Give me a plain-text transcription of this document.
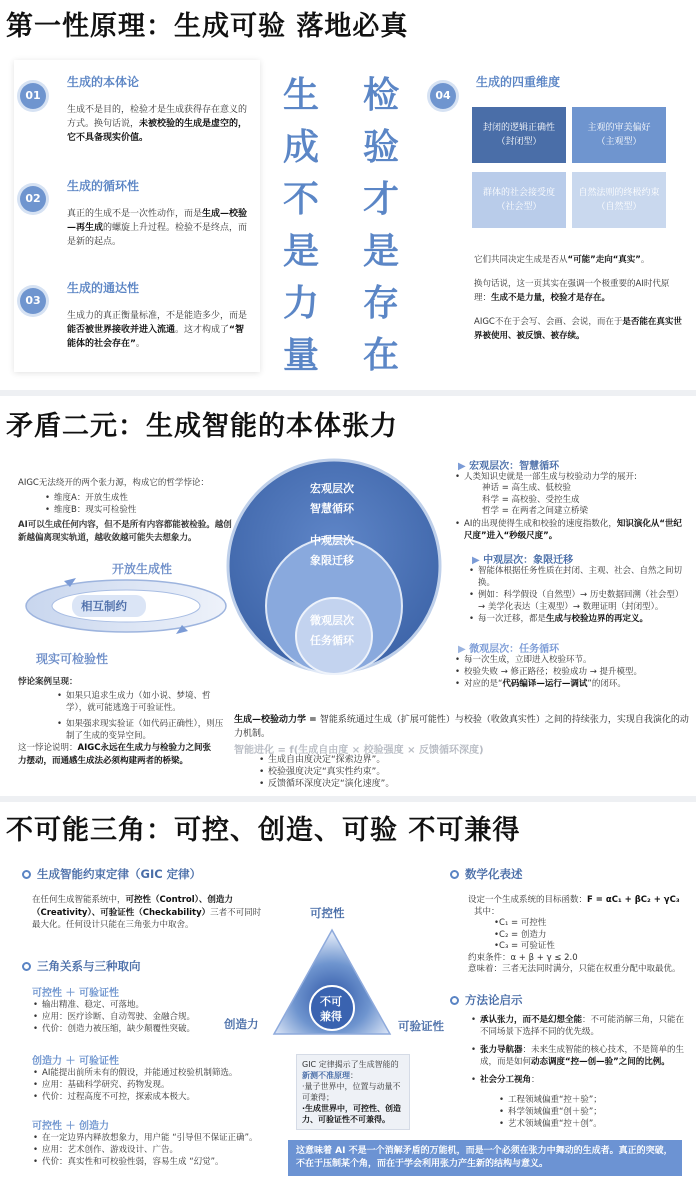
第一性原理：生成可验 落地必真
01
生成的本体论
生成不是目的，检验才是生成获得存在意义的方式。换句话说，未被校验的生成是虚空的，它不具备现实价值。
02
生成的循环性
真正的生成不是一次性动作，而是生成—校验—再生成的螺旋上升过程。检验不是终点，而是新的起点。
03
生成的通达性
生成力的真正衡量标准，不是能造多少，而是能否被世界接收并进入流通。这才构成了“智能体的社会存在”。
生
成
不
是
力
量
检
验
才
是
存
在
04
生成的四重维度
封闭的逻辑正确性
（封闭型）
主观的审美偏好
（主观型）
群体的社会接受度
（社会型）
自然法则的终极约束
（自然型）
它们共同决定生成是否从“可能”走向“真实”。
换句话说，这一页其实在强调一个极重要的AI时代原理：生成不是力量，校验才是存在。
AIGC不在于会写、会画、会说，而在于是否能在真实世界被使用、被反馈、被存续。
矛盾二元：生成智能的本体张力
AIGC无法绕开的两个张力源，构成它的哲学悖论：
• 维度A：开放生成性
• 维度B：现实可检验性
AI可以生成任何内容，但不是所有内容都能被检验。越创新越偏离现实轨道，越收敛越可能失去想象力。
开放生成性
相互制约
现实可检验性
悖论案例呈现：
• 如果只追求生成力（如小说、梦境、哲学），就可能逃逸于可验证性。
• 如果强求现实验证（如代码正确性），则压制了生成的变异空间。
这一悖论说明：AIGC永远在生成力与检验力之间张力摆动，而通感生成法必须构建两者的桥梁。
宏观层次
智慧循环
中观层次
象限迁移
微观层次
任务循环
▶ 宏观层次：智慧循环
• 人类知识史就是一部生成与校验动力学的展开:
神话 = 高生成、低校验
科学 = 高校验、受控生成
哲学 = 在两者之间建立桥梁
• AI的出现使得生成和校验的速度指数化，知识演化从“世纪尺度”进入“秒级尺度”。
▶ 中观层次：象限迁移
• 智能体根据任务性质在封闭、主观、社会、自然之间切换。
• 例如：科学假设（自然型）→ 历史数据回溯（社会型）→ 美学化表达（主观型）→ 数理证明（封闭型）。
• 每一次迁移，都是生成与校验边界的再定义。
▶ 微观层次：任务循环
• 每一次生成，立即进入校验环节。
• 校验失败 → 修正路径；校验成功 → 提升模型。
• 对应的是“代码编译—运行—调试”的闭环。
生成—校验动力学 = 智能系统通过生成（扩展可能性）与校验（收敛真实性）之间的持续张力，实现自我演化的动力机制。
智能进化 = f(生成自由度 × 校验强度 × 反馈循环深度)
• 生成自由度决定“探索边界”。
• 校验强度决定“真实性约束”。
• 反馈循环深度决定“演化速度”。
不可能三角：可控、创造、可验 不可兼得
生成智能约束定律（GIC 定律）
在任何生成智能系统中，可控性（Control）、创造力（Creativity）、可验证性（Checkability）三者不可同时最大化。任何设计只能在三角张力中取舍。
三角关系与三种取向
可控性 ＋ 可验证性
• 输出精准、稳定、可落地。
• 应用：医疗诊断、自动驾驶、金融合规。
• 代价：创造力被压缩，缺少颠覆性突破。
创造力 ＋ 可验证性
• AI能提出前所未有的假设，并能通过校验机制筛选。
• 应用：基础科学研究、药物发现。
• 代价：过程高度不可控，探索成本极大。
可控性 ＋ 创造力
• 在一定边界内释放想象力，用户能 “引导但不保证正确”。
• 应用：艺术创作、游戏设计、广告。
• 代价：真实性和可校验性弱，容易生成 “幻觉”。
可控性
创造力	可验证性
不可
兼得
GIC 定律揭示了生成智能的新测不准原理：
·量子世界中，位置与动量不可兼得；
·生成世界中，可控性、创造力、可验证性不可兼得。
数学化表述
设定一个生成系统的目标函数：F = αC₁ + βC₂ + γC₃
其中：
•C₁ = 可控性
•C₂ = 创造力
•C₃ = 可验证性
约束条件：α + β + γ ≤ 2.0
意味着：三者无法同时满分，只能在权重分配中取最优。
方法论启示
• 承认张力，而不是幻想全能：不可能消解三角，只能在不同场景下选择不同的优先级。
• 张力导航器：未来生成智能的核心技术，不是简单的生成，而是如何动态调度“控—创—验”之间的比例。
• 社会分工视角：
• 工程领域偏重“控＋验”；
• 科学领域偏重“创＋验”；
• 艺术领域偏重“控＋创”。
这意味着 AI 不是一个消解矛盾的万能机，而是一个必须在张力中舞动的生成者。真正的突破，不在于压制某个角，而在于学会利用张力产生新的结构与意义。
